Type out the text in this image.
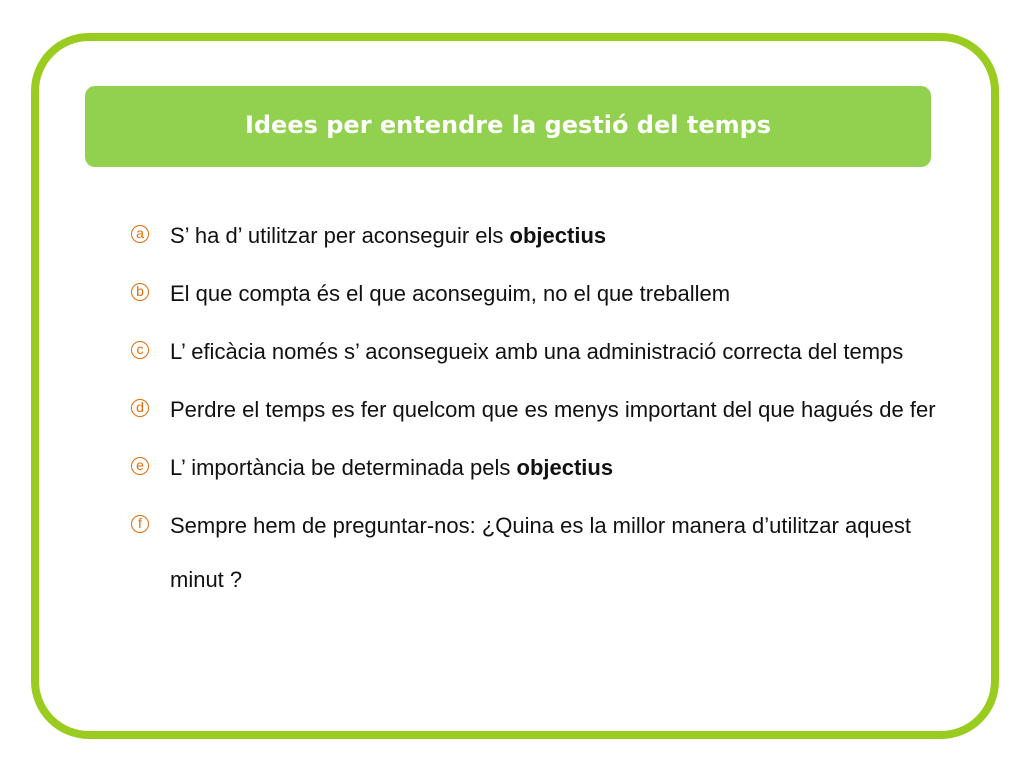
Idees per entendre la gestió del temps
a S’ ha d’ utilitzar per aconseguir els objectius
b El que compta és el que aconseguim, no el que treballem
c L’ eficàcia només s’ aconsegueix amb una administració correcta del temps
d Perdre el temps es fer quelcom que es menys important del que hagués de fer
e L’ importància be determinada pels objectius
f	Sempre hem de preguntar-nos: ¿Quina es la millor manera d’utilitzar aquest minut ?
